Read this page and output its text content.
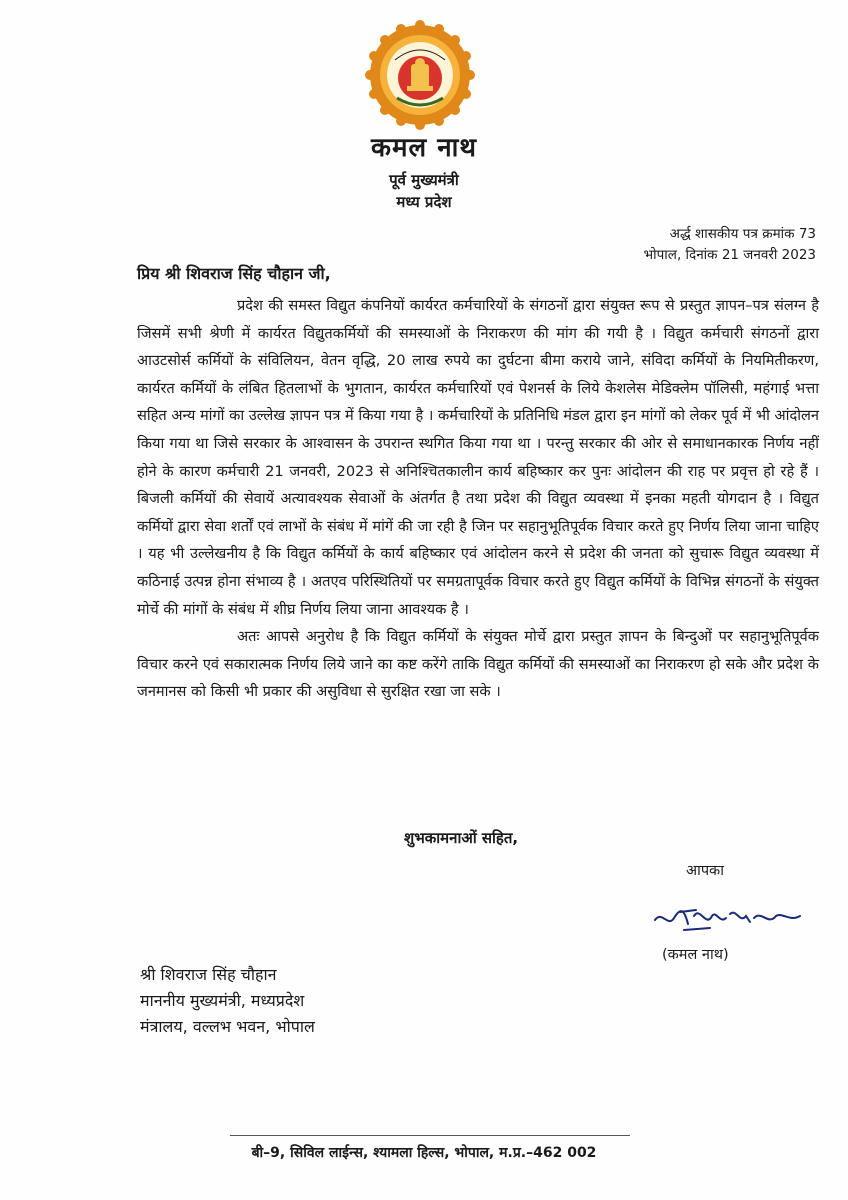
कमल नाथ
पूर्व मुख्यमंत्री
मध्य प्रदेश
अर्द्ध शासकीय पत्र क्रमांक 73
भोपाल, दिनांक 21 जनवरी 2023
प्रिय श्री शिवराज सिंह चौहान जी,

प्रदेश की समस्त विद्युत कंपनियों कार्यरत कर्मचारियों के संगठनों द्वारा संयुक्त रूप से प्रस्तुत ज्ञापन–पत्र संलग्न है जिसमें सभी श्रेणी में कार्यरत विद्युतकर्मियों की समस्याओं के निराकरण की मांग की गयी है । विद्युत कर्मचारी संगठनों द्वारा आउटसोर्स कर्मियों के संविलियन, वेतन वृद्धि, 20 लाख रुपये का दुर्घटना बीमा कराये जाने, संविदा कर्मियों के नियमितीकरण, कार्यरत कर्मियों के लंबित हितलाभों के भुगतान, कार्यरत कर्मचारियों एवं पेशनर्स के लिये केशलेस मेडिक्लेम पॉलिसी, महंगाई भत्ता सहित अन्य मांगों का उल्लेख ज्ञापन पत्र में किया गया है । कर्मचारियों के प्रतिनिधि मंडल द्वारा इन मांगों को लेकर पूर्व में भी आंदोलन किया गया था जिसे सरकार के आश्वासन के उपरान्त स्थगित किया गया था । परन्तु सरकार की ओर से समाधानकारक निर्णय नहीं होने के कारण कर्मचारी 21 जनवरी, 2023 से अनिश्चितकालीन कार्य बहिष्कार कर पुनः आंदोलन की राह पर प्रवृत्त हो रहे हैं । बिजली कर्मियों की सेवायें अत्यावश्यक सेवाओं के अंतर्गत है तथा प्रदेश की विद्युत व्यवस्था में इनका महती योगदान है । विद्युत कर्मियों द्वारा सेवा शर्तों एवं लाभों के संबंध में मांगें की जा रही है जिन पर सहानुभूतिपूर्वक विचार करते हुए निर्णय लिया जाना चाहिए । यह भी उल्लेखनीय है कि विद्युत कर्मियों के कार्य बहिष्कार एवं आंदोलन करने से प्रदेश की जनता को सुचारू विद्युत व्यवस्था में कठिनाई उत्पन्न होना संभाव्य है । अतएव परिस्थितियों पर समग्रतापूर्वक विचार करते हुए विद्युत कर्मियों के विभिन्न संगठनों के संयुक्त मोर्चे की मांगों के संबंध में शीघ्र निर्णय लिया जाना आवश्यक है ।

अतः आपसे अनुरोध है कि विद्युत कर्मियों के संयुक्त मोर्चे द्वारा प्रस्तुत ज्ञापन के बिन्दुओं पर सहानुभूतिपूर्वक विचार करने एवं सकारात्मक निर्णय लिये जाने का कष्ट करेंगे ताकि विद्युत कर्मियों की समस्याओं का निराकरण हो सके और प्रदेश के जनमानस को किसी भी प्रकार की असुविधा से सुरक्षित रखा जा सके ।

शुभकामनाओं सहित,
आपका
(कमल नाथ)
श्री शिवराज सिंह चौहान
माननीय मुख्यमंत्री, मध्यप्रदेश
मंत्रालय, वल्लभ भवन, भोपाल
बी–9, सिविल लाईन्स, श्यामला हिल्स, भोपाल, म.प्र.–462 002
